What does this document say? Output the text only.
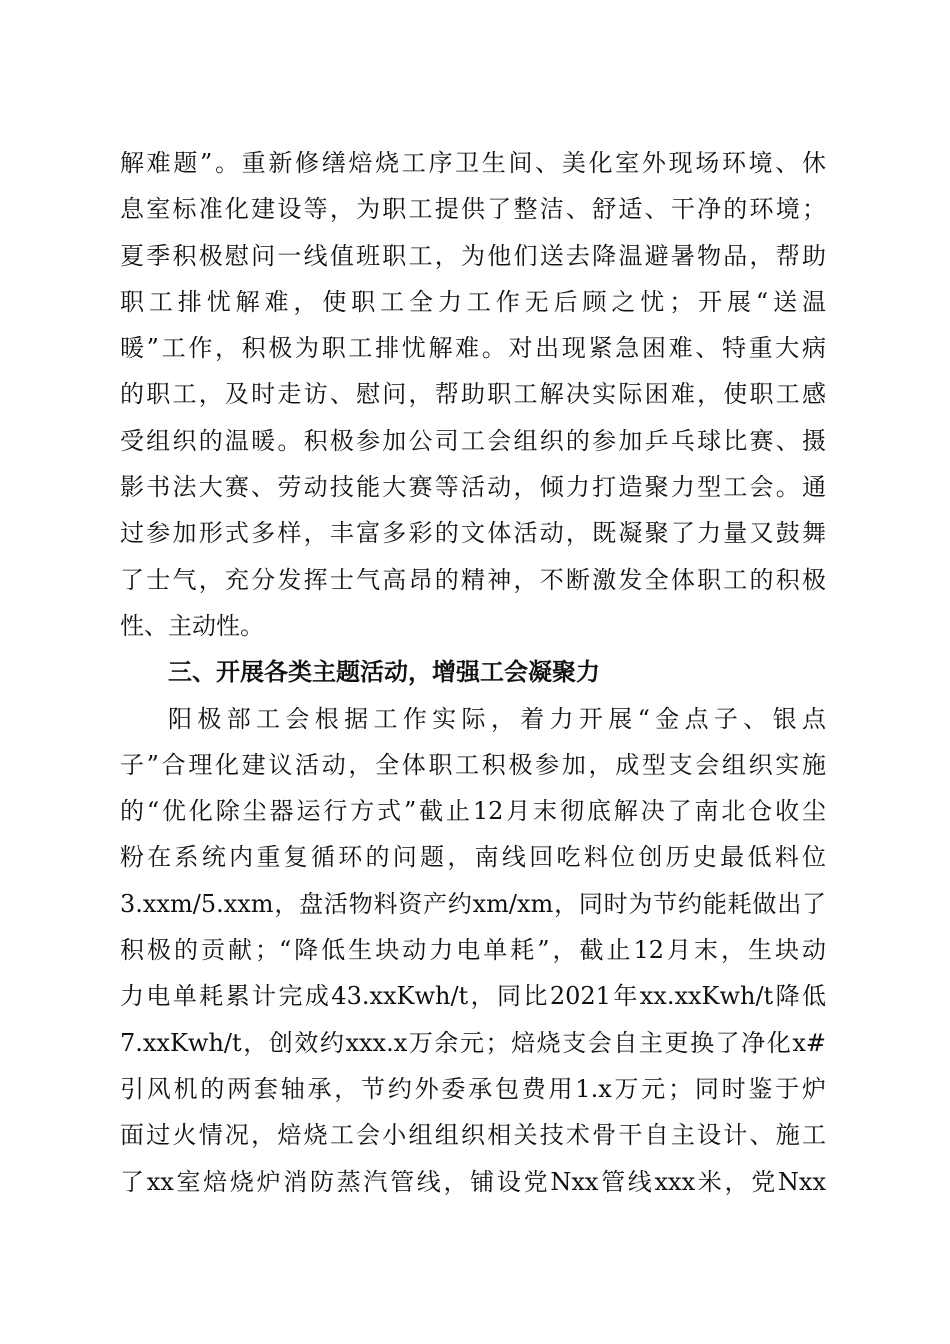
解难题”。重新修缮焙烧工序卫生间、美化室外现场环境、休
息室标准化建设等，为职工提供了整洁、舒适、干净的环境；
夏季积极慰问一线值班职工，为他们送去降温避暑物品，帮助
职工排忧解难，使职工全力工作无后顾之忧；开展“送温
暖”工作，积极为职工排忧解难。对出现紧急困难、特重大病
的职工，及时走访、慰问，帮助职工解决实际困难，使职工感
受组织的温暖。积极参加公司工会组织的参加乒乓球比赛、摄
影书法大赛、劳动技能大赛等活动，倾力打造聚力型工会。通
过参加形式多样，丰富多彩的文体活动，既凝聚了力量又鼓舞
了士气，充分发挥士气高昂的精神，不断激发全体职工的积极
性、主动性。
三、开展各类主题活动，增强工会凝聚力
阳极部工会根据工作实际，着力开展“金点子、银点
子”合理化建议活动，全体职工积极参加，成型支会组织实施
的“优化除尘器运行方式”截止12月末彻底解决了南北仓收尘
粉在系统内重复循环的问题，南线回吃料位创历史最低料位
3.xxm/5.xxm，盘活物料资产约xm/xm，同时为节约能耗做出了
积极的贡献；“降低生块动力电单耗”，截止12月末，生块动
力电单耗累计完成43.xxKwh/t，同比2021年xx.xxKwh/t降低
7.xxKwh/t，创效约xxx.x万余元；焙烧支会自主更换了净化x#
引风机的两套轴承，节约外委承包费用1.x万元；同时鉴于炉
面过火情况，焙烧工会小组组织相关技术骨干自主设计、施工
了xx室焙烧炉消防蒸汽管线，铺设党Nxx管线xxx米，党Nxx
